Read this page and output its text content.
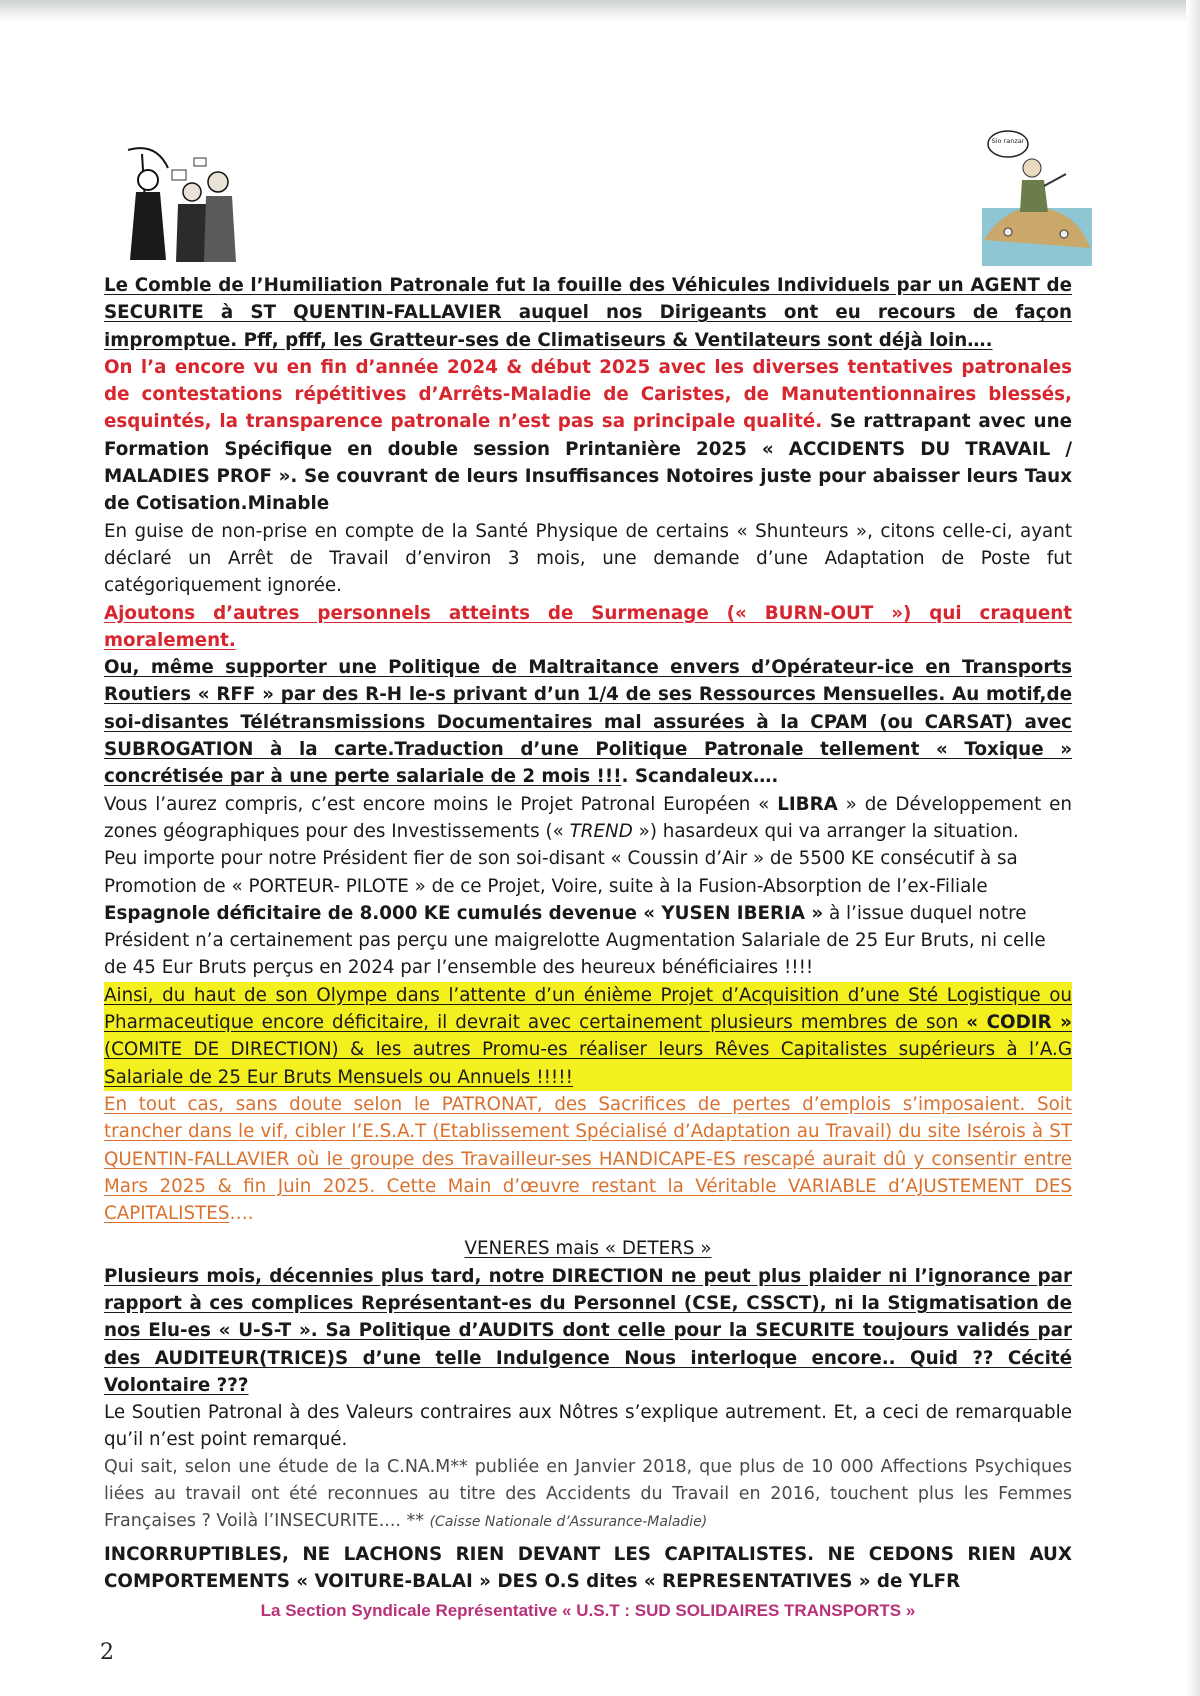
Sio ranzar

Le Comble de l’Humiliation Patronale fut la fouille des Véhicules Individuels par un AGENT de SECURITE à ST QUENTIN-FALLAVIER auquel nos Dirigeants ont eu recours de façon impromptue. Pff, pfff, les Gratteur-ses de Climatiseurs & Ventilateurs sont déjà loin….

On l’a encore vu en fin d’année 2024 & début 2025 avec les diverses tentatives patronales de contestations répétitives d’Arrêts-Maladie de Caristes, de Manutentionnaires blessés, esquintés, la transparence patronale n’est pas sa principale qualité. Se rattrapant avec une Formation Spécifique en double session Printanière 2025 « ACCIDENTS DU TRAVAIL / MALADIES PROF ». Se couvrant de leurs Insuffisances Notoires juste pour abaisser leurs Taux de Cotisation.Minable

En guise de non-prise en compte de la Santé Physique de certains « Shunteurs », citons celle-ci, ayant déclaré un Arrêt de Travail d’environ 3 mois, une demande d’une Adaptation de Poste fut catégoriquement ignorée.

Ajoutons d’autres personnels atteints de Surmenage (« BURN-OUT ») qui craquent moralement.

Ou, même supporter une Politique de Maltraitance envers d’Opérateur-ice en Transports Routiers « RFF » par des R-H le-s privant d’un 1/4 de ses Ressources Mensuelles. Au motif,de soi-disantes Télétransmissions Documentaires mal assurées à la CPAM (ou CARSAT) avec SUBROGATION à la carte.Traduction d’une Politique Patronale tellement « Toxique » concrétisée par à une perte salariale de 2 mois !!!. Scandaleux….

Vous l’aurez compris, c’est encore moins le Projet Patronal Européen « LIBRA » de Développement en zones géographiques pour des Investissements (« TREND ») hasardeux qui va arranger la situation.

Peu importe pour notre Président fier de son soi-disant « Coussin d’Air » de 5500 KE consécutif à sa Promotion de « PORTEUR- PILOTE » de ce Projet, Voire, suite à la Fusion-Absorption de l’ex-Filiale Espagnole déficitaire de 8.000 KE cumulés devenue « YUSEN IBERIA » à l’issue duquel notre Président n’a certainement pas perçu une maigrelotte Augmentation Salariale de 25 Eur Bruts, ni celle de 45 Eur Bruts perçus en 2024 par l’ensemble des heureux bénéficiaires !!!!

Ainsi, du haut de son Olympe dans l’attente d’un énième Projet d’Acquisition d’une Sté Logistique ou Pharmaceutique encore déficitaire, il devrait avec certainement plusieurs membres de son « CODIR » (COMITE DE DIRECTION) & les autres Promu-es réaliser leurs Rêves Capitalistes supérieurs à l’A.G Salariale de 25 Eur Bruts Mensuels ou Annuels !!!!!

En tout cas, sans doute selon le PATRONAT, des Sacrifices de pertes d’emplois s’imposaient. Soit trancher dans le vif, cibler l’E.S.A.T (Etablissement Spécialisé d’Adaptation au Travail) du site Isérois à ST QUENTIN-FALLAVIER où le groupe des Travailleur-ses HANDICAPE-ES rescapé aurait dû y consentir entre Mars 2025 & fin Juin 2025. Cette Main d’œuvre restant la Véritable VARIABLE d’AJUSTEMENT DES CAPITALISTES….

VENERES mais « DETERS »

Plusieurs mois, décennies plus tard, notre DIRECTION ne peut plus plaider ni l’ignorance par rapport à ces complices Représentant-es du Personnel (CSE, CSSCT), ni la Stigmatisation de nos Elu-es « U-S-T ». Sa Politique d’AUDITS dont celle pour la SECURITE toujours validés par des AUDITEUR(TRICE)S d’une telle Indulgence Nous interloque encore.. Quid ?? Cécité Volontaire ???

Le Soutien Patronal à des Valeurs contraires aux Nôtres s’explique autrement. Et, a ceci de remarquable qu’il n’est point remarqué.

Qui sait, selon une étude de la C.NA.M** publiée en Janvier 2018, que plus de 10 000 Affections Psychiques liées au travail ont été reconnues au titre des Accidents du Travail en 2016, touchent plus les Femmes Françaises ? Voilà l’INSECURITE.... ** (Caisse Nationale d’Assurance-Maladie)

INCORRUPTIBLES, NE LACHONS RIEN DEVANT LES CAPITALISTES. NE CEDONS RIEN AUX COMPORTEMENTS « VOITURE-BALAI » DES O.S dites « REPRESENTATIVES » de YLFR

La Section Syndicale Représentative « U.S.T : SUD SOLIDAIRES TRANSPORTS »

2
